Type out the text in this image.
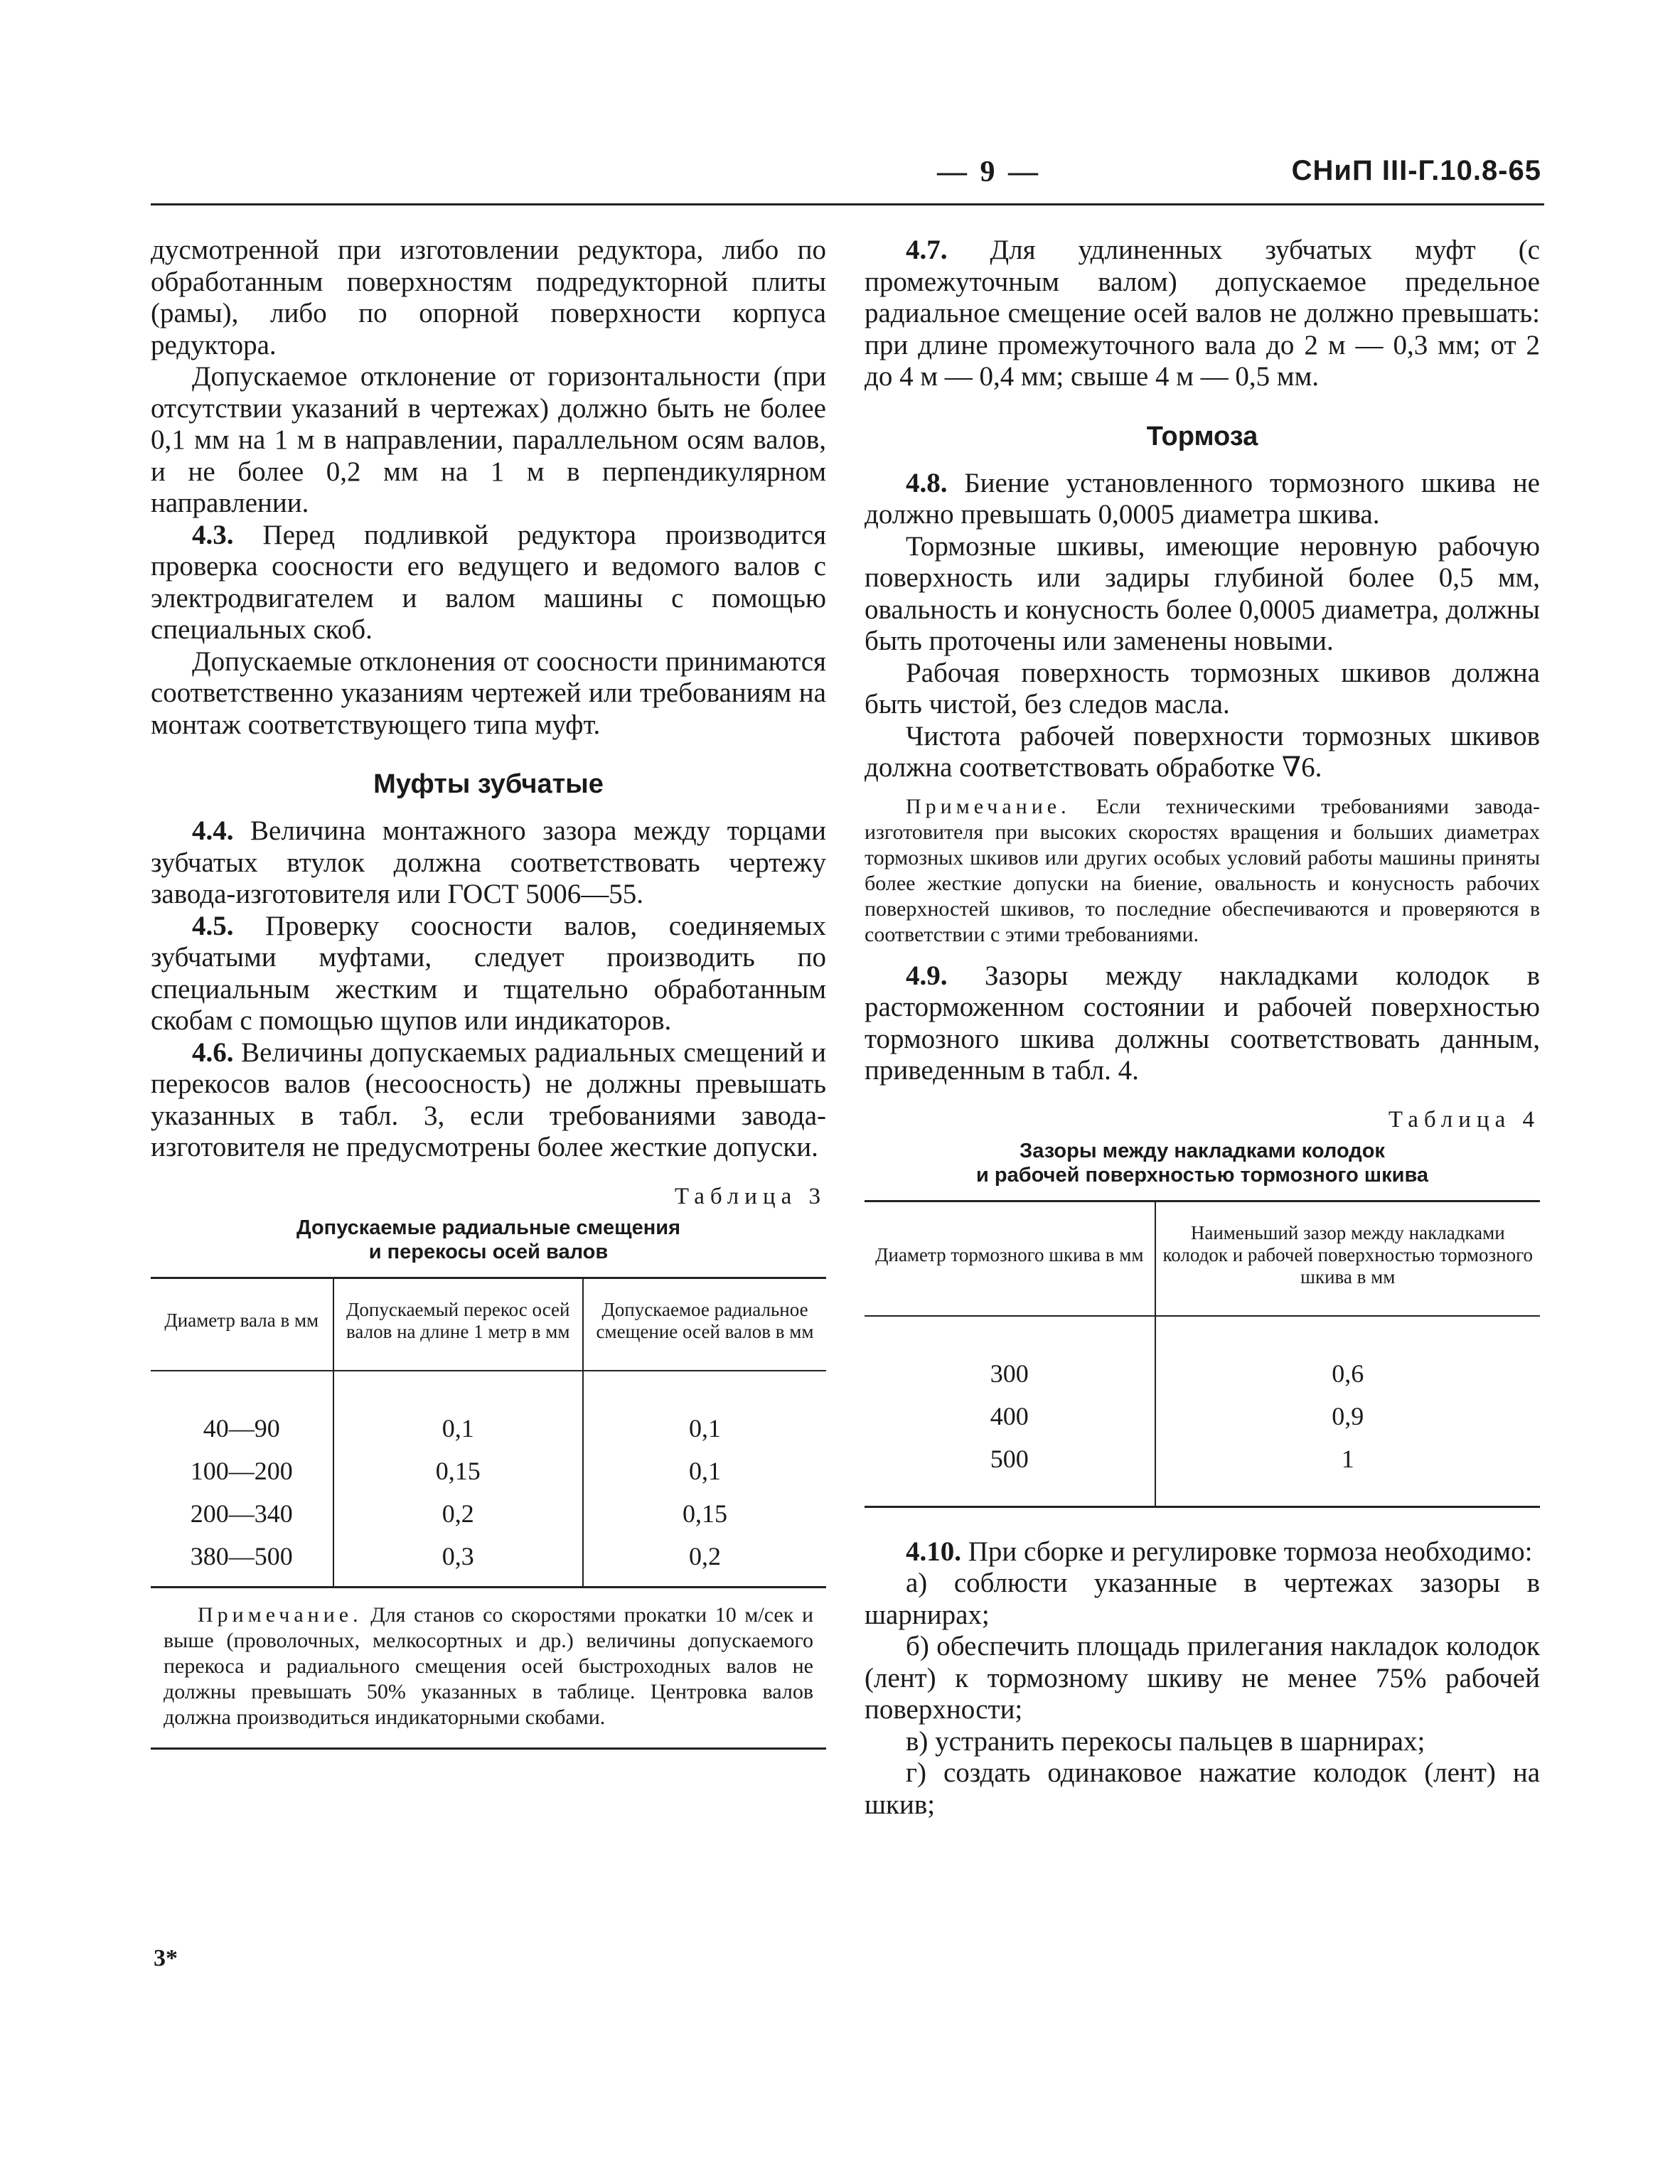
— 9 —	СНиП III-Г.10.8-65

дусмотренной при изготовлении редуктора, либо по обработанным поверхностям подредукторной плиты (рамы), либо по опорной поверхности корпуса редуктора.

Допускаемое отклонение от горизонтальности (при отсутствии указаний в чертежах) должно быть не более 0,1 мм на 1 м в направлении, параллельном осям валов, и не более 0,2 мм на 1 м в перпендикулярном направлении.

4.3. Перед подливкой редуктора производится проверка соосности его ведущего и ведомого валов с электродвигателем и валом машины с помощью специальных скоб.

Допускаемые отклонения от соосности принимаются соответственно указаниям чертежей или требованиям на монтаж соответствующего типа муфт.

Муфты зубчатые

4.4. Величина монтажного зазора между торцами зубчатых втулок должна соответствовать чертежу завода-изготовителя или ГОСТ 5006—55.

4.5. Проверку соосности валов, соединяемых зубчатыми муфтами, следует производить по специальным жестким и тщательно обработанным скобам с помощью щупов или индикаторов.

4.6. Величины допускаемых радиальных смещений и перекосов валов (несоосность) не должны превышать указанных в табл. 3, если требованиями завода-изготовителя не предусмотрены более жесткие допуски.

Таблица 3
Допускаемые радиальные смещения
и перекосы осей валов
Диаметр вала в мм	Допускаемый перекос осей валов на длине 1 метр в мм	Допускаемое радиальное смещение осей валов в мм
40—90	0,1	0,1
100—200	0,15	0,1
200—340	0,2	0,15
380—500	0,3	0,2
Примечание. Для станов со скоростями прокатки 10 м/сек и выше (проволочных, мелкосортных и др.) величины допускаемого перекоса и радиального смещения осей быстроходных валов не должны превышать 50% указанных в таблице. Центровка валов должна производиться индикаторными скобами.
3*

4.7. Для удлиненных зубчатых муфт (с промежуточным валом) допускаемое предельное радиальное смещение осей валов не должно превышать: при длине промежуточного вала до 2 м — 0,3 мм; от 2 до 4 м — 0,4 мм; свыше 4 м — 0,5 мм.

Тормоза

4.8. Биение установленного тормозного шкива не должно превышать 0,0005 диаметра шкива.

Тормозные шкивы, имеющие неровную рабочую поверхность или задиры глубиной более 0,5 мм, овальность и конусность более 0,0005 диаметра, должны быть проточены или заменены новыми.

Рабочая поверхность тормозных шкивов должна быть чистой, без следов масла.

Чистота рабочей поверхности тормозных шкивов должна соответствовать обработке ∇6.

Примечание. Если техническими требованиями завода-изготовителя при высоких скоростях вращения и больших диаметрах тормозных шкивов или других особых условий работы машины приняты более жесткие допуски на биение, овальность и конусность рабочих поверхностей шкивов, то последние обеспечиваются и проверяются в соответствии с этими требованиями.

4.9. Зазоры между накладками колодок в расторможенном состоянии и рабочей поверхностью тормозного шкива должны соответствовать данным, приведенным в табл. 4.

Таблица 4
Зазоры между накладками колодок
и рабочей поверхностью тормозного шкива
Диаметр тормозного шкива в мм	Наименьший зазор между накладками колодок и рабочей поверхностью тормозного шкива в мм
300	0,6
400	0,9
500	1

4.10. При сборке и регулировке тормоза необходимо:

а) соблюсти указанные в чертежах зазоры в шарнирах;

б) обеспечить площадь прилегания накладок колодок (лент) к тормозному шкиву не менее 75% рабочей поверхности;

в) устранить перекосы пальцев в шарнирах;

г) создать одинаковое нажатие колодок (лент) на шкив;
